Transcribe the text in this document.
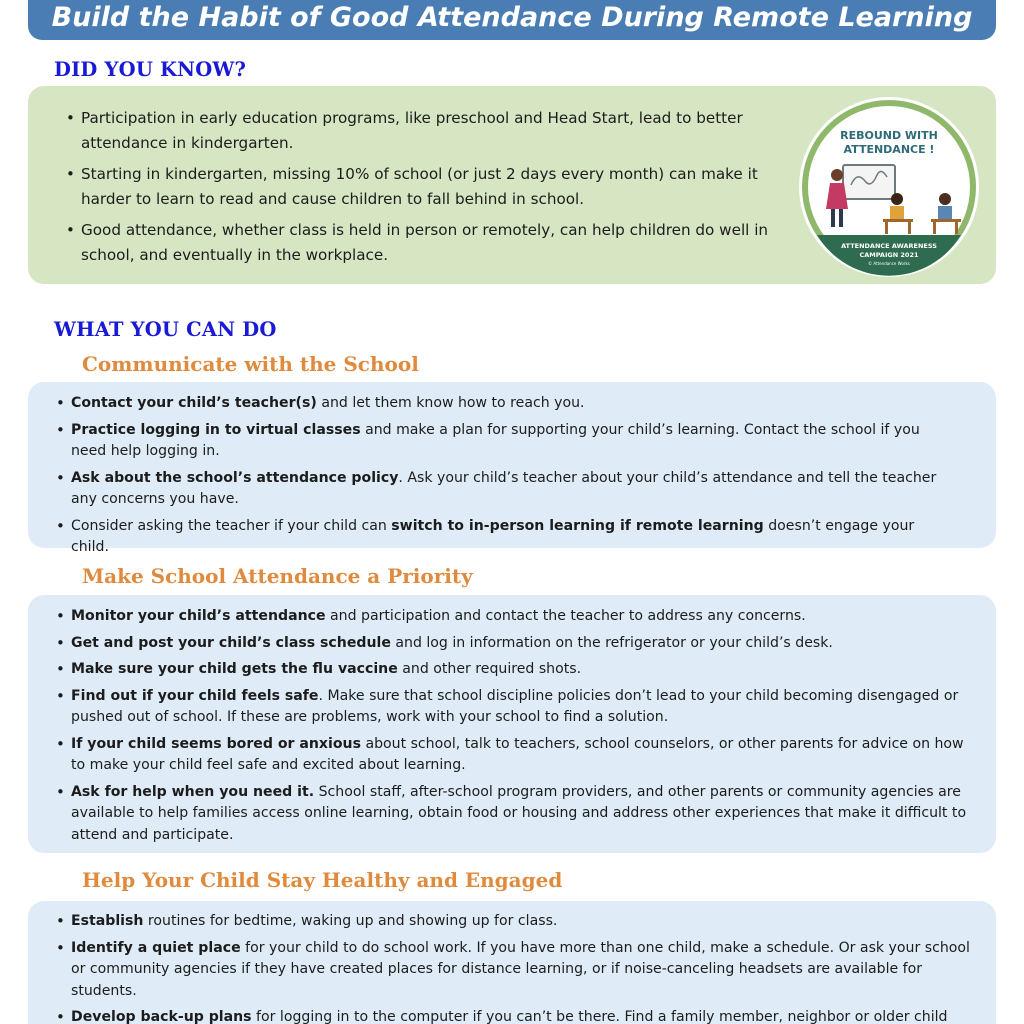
Build the Habit of Good Attendance During Remote Learning
DID YOU KNOW?
• Participation in early education programs, like preschool and Head Start, lead to better attendance in kindergarten.
• Starting in kindergarten, missing 10% of school (or just 2 days every month) can make it harder to learn to read and cause children to fall behind in school.
• Good attendance, whether class is held in person or remotely, can help children do well in school, and eventually in the workplace.
REBOUND WITH
ATTENDANCE !
ATTENDANCE AWARENESS
CAMPAIGN 2021
© Attendance Works
WHAT YOU CAN DO
Communicate with the School
• Contact your child’s teacher(s) and let them know how to reach you.
• Practice logging in to virtual classes and make a plan for supporting your child’s learning. Contact the school if you need help logging in.
• Ask about the school’s attendance policy. Ask your child’s teacher about your child’s attendance and tell the teacher any concerns you have.
• Consider asking the teacher if your child can switch to in-person learning if remote learning doesn’t engage your child.
Make School Attendance a Priority
• Monitor your child’s attendance and participation and contact the teacher to address any concerns.
• Get and post your child’s class schedule and log in information on the refrigerator or your child’s desk.
• Make sure your child gets the flu vaccine and other required shots.
• Find out if your child feels safe. Make sure that school discipline policies don’t lead to your child becoming disengaged or pushed out of school. If these are problems, work with your school to find a solution.
• If your child seems bored or anxious about school, talk to teachers, school counselors, or other parents for advice on how to make your child feel safe and excited about learning.
• Ask for help when you need it. School staff, after-school program providers, and other parents or community agencies are available to help families access online learning, obtain food or housing and address other experiences that make it difficult to attend and participate.
Help Your Child Stay Healthy and Engaged
• Establish routines for bedtime, waking up and showing up for class.
• Identify a quiet place for your child to do school work. If you have more than one child, make a schedule. Or ask your school or community agencies if they have created places for distance learning, or if noise-canceling headsets are available for students.
• Develop back-up plans for logging in to the computer if you can’t be there. Find a family member, neighbor or older child
